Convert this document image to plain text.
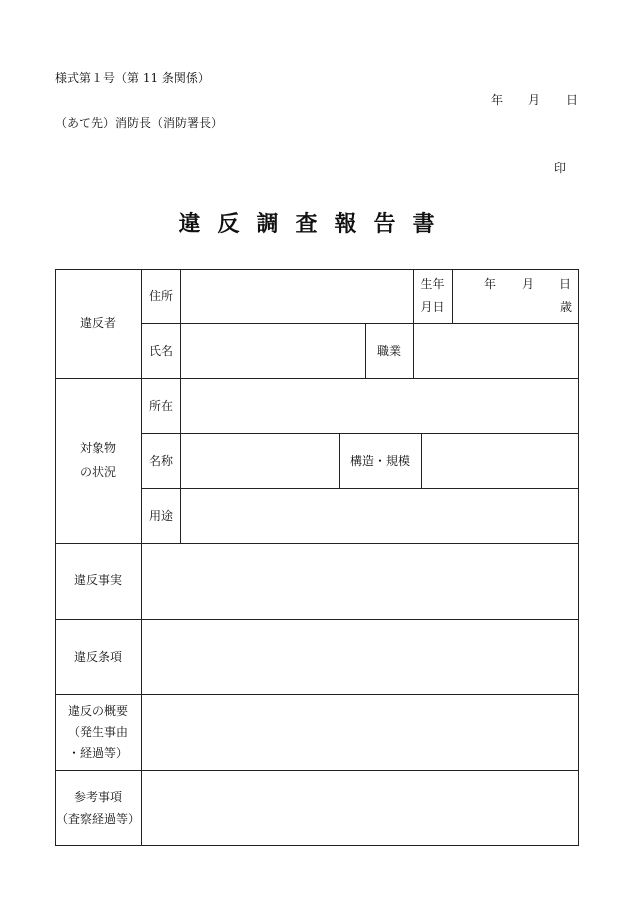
様式第１号（第 11 条関係）
年 月 日
（あて先）消防長（消防署長）
印
違反調査報告書
違反者
住所
生年
月日
年 月 日
歳
氏名	職業
対象物
の状況
所在
名称	構造・規模
用途
違反事実
違反条項
違反の概要
（発生事由
・経過等）
参考事項
（査察経過等）
